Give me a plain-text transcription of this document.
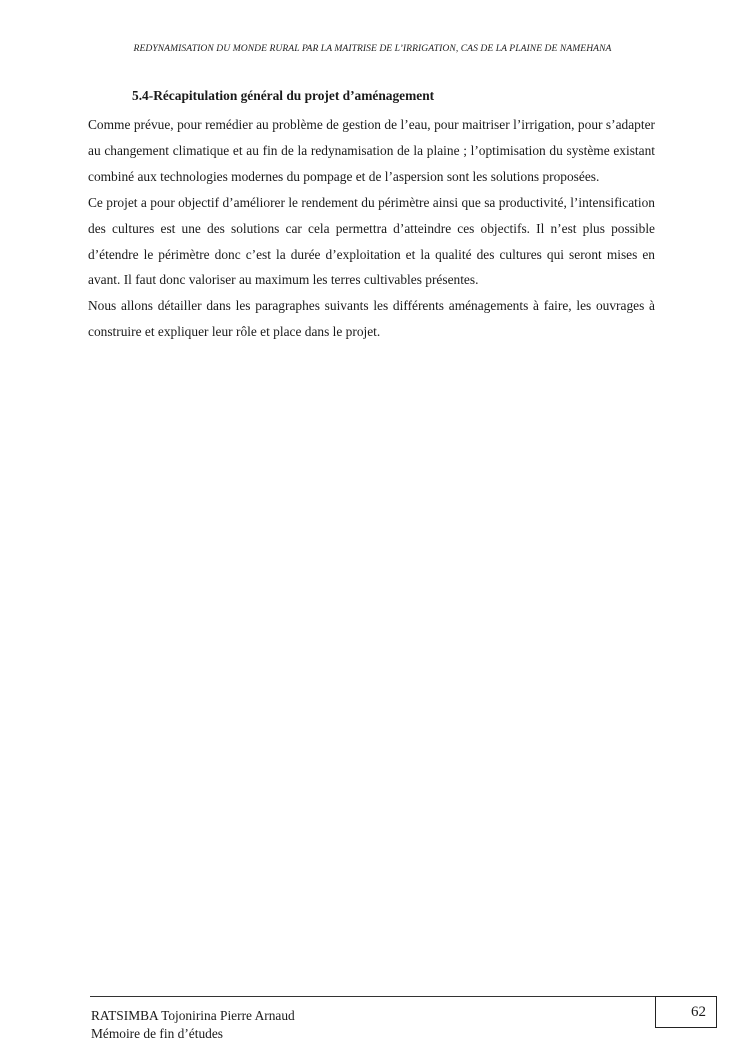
REDYNAMISATION DU MONDE RURAL PAR LA MAITRISE DE L’IRRIGATION, CAS DE LA PLAINE DE NAMEHANA
5.4-Récapitulation général du projet d’aménagement

Comme prévue, pour remédier au problème de gestion de l’eau, pour maitriser l’irrigation, pour s’adapter au changement climatique et au fin de la redynamisation de la plaine ; l’optimisation du système existant combiné aux technologies modernes du pompage et de l’aspersion sont les solutions proposées.

Ce projet a pour objectif d’améliorer le rendement du périmètre ainsi que sa productivité, l’intensification des cultures est une des solutions car cela permettra d’atteindre ces objectifs. Il n’est plus possible d’étendre le périmètre donc c’est la durée d’exploitation et la qualité des cultures qui seront mises en avant. Il faut donc valoriser au maximum les terres cultivables présentes.

Nous allons détailler dans les paragraphes suivants les différents aménagements à faire, les ouvrages à construire et expliquer leur rôle et place dans le projet.

RATSIMBA Tojonirina Pierre Arnaud
Mémoire de fin d’études
62
